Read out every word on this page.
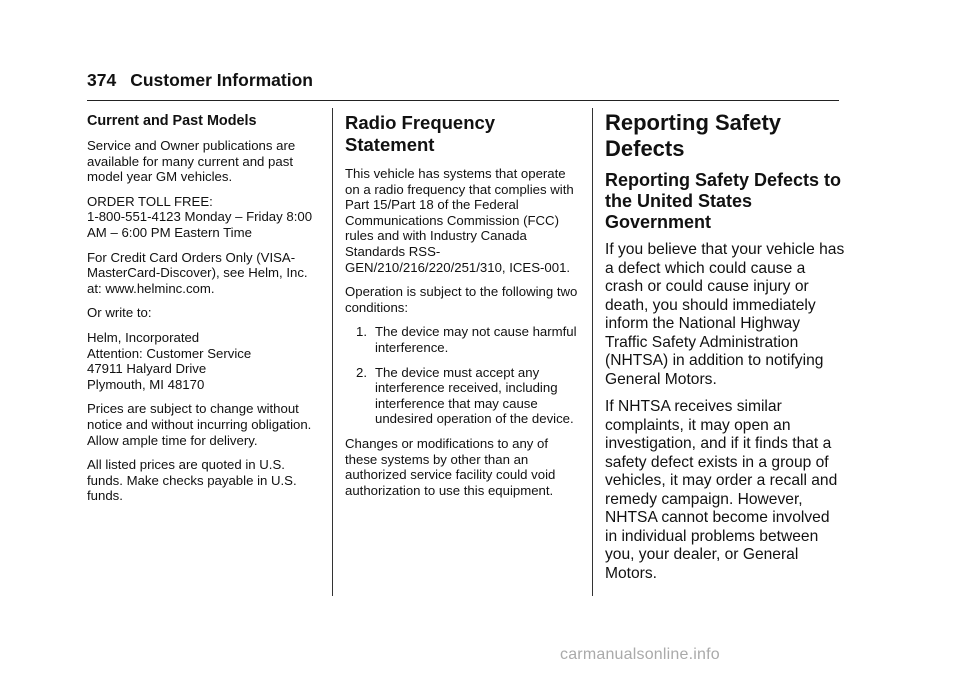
374 Customer Information
Current and Past Models

Service and Owner publications are available for many current and past model year GM vehicles.

ORDER TOLL FREE:
1-800-551-4123 Monday – Friday 8:00 AM – 6:00 PM Eastern Time

For Credit Card Orders Only (VISA-MasterCard-Discover), see Helm, Inc. at: www.helminc.com.

Or write to:

Helm, Incorporated
Attention: Customer Service
47911 Halyard Drive
Plymouth, MI 48170

Prices are subject to change without notice and without incurring obligation. Allow ample time for delivery.

All listed prices are quoted in U.S. funds. Make checks payable in U.S. funds.

Radio Frequency Statement

This vehicle has systems that operate on a radio frequency that complies with Part 15/Part 18 of the Federal Communications Commission (FCC) rules and with Industry Canada Standards RSS-GEN/210/216/220/251/310, ICES-001.

Operation is subject to the following two conditions:

1. The device may not cause harmful interference.
2. The device must accept any interference received, including interference that may cause undesired operation of the device.

Changes or modifications to any of these systems by other than an authorized service facility could void authorization to use this equipment.

Reporting Safety Defects
Reporting Safety Defects to the United States Government

If you believe that your vehicle has a defect which could cause a crash or could cause injury or death, you should immediately inform the National Highway Traffic Safety Administration (NHTSA) in addition to notifying General Motors.

If NHTSA receives similar complaints, it may open an investigation, and if it finds that a safety defect exists in a group of vehicles, it may order a recall and remedy campaign. However, NHTSA cannot become involved in individual problems between you, your dealer, or General Motors.

carmanualsonline.info
